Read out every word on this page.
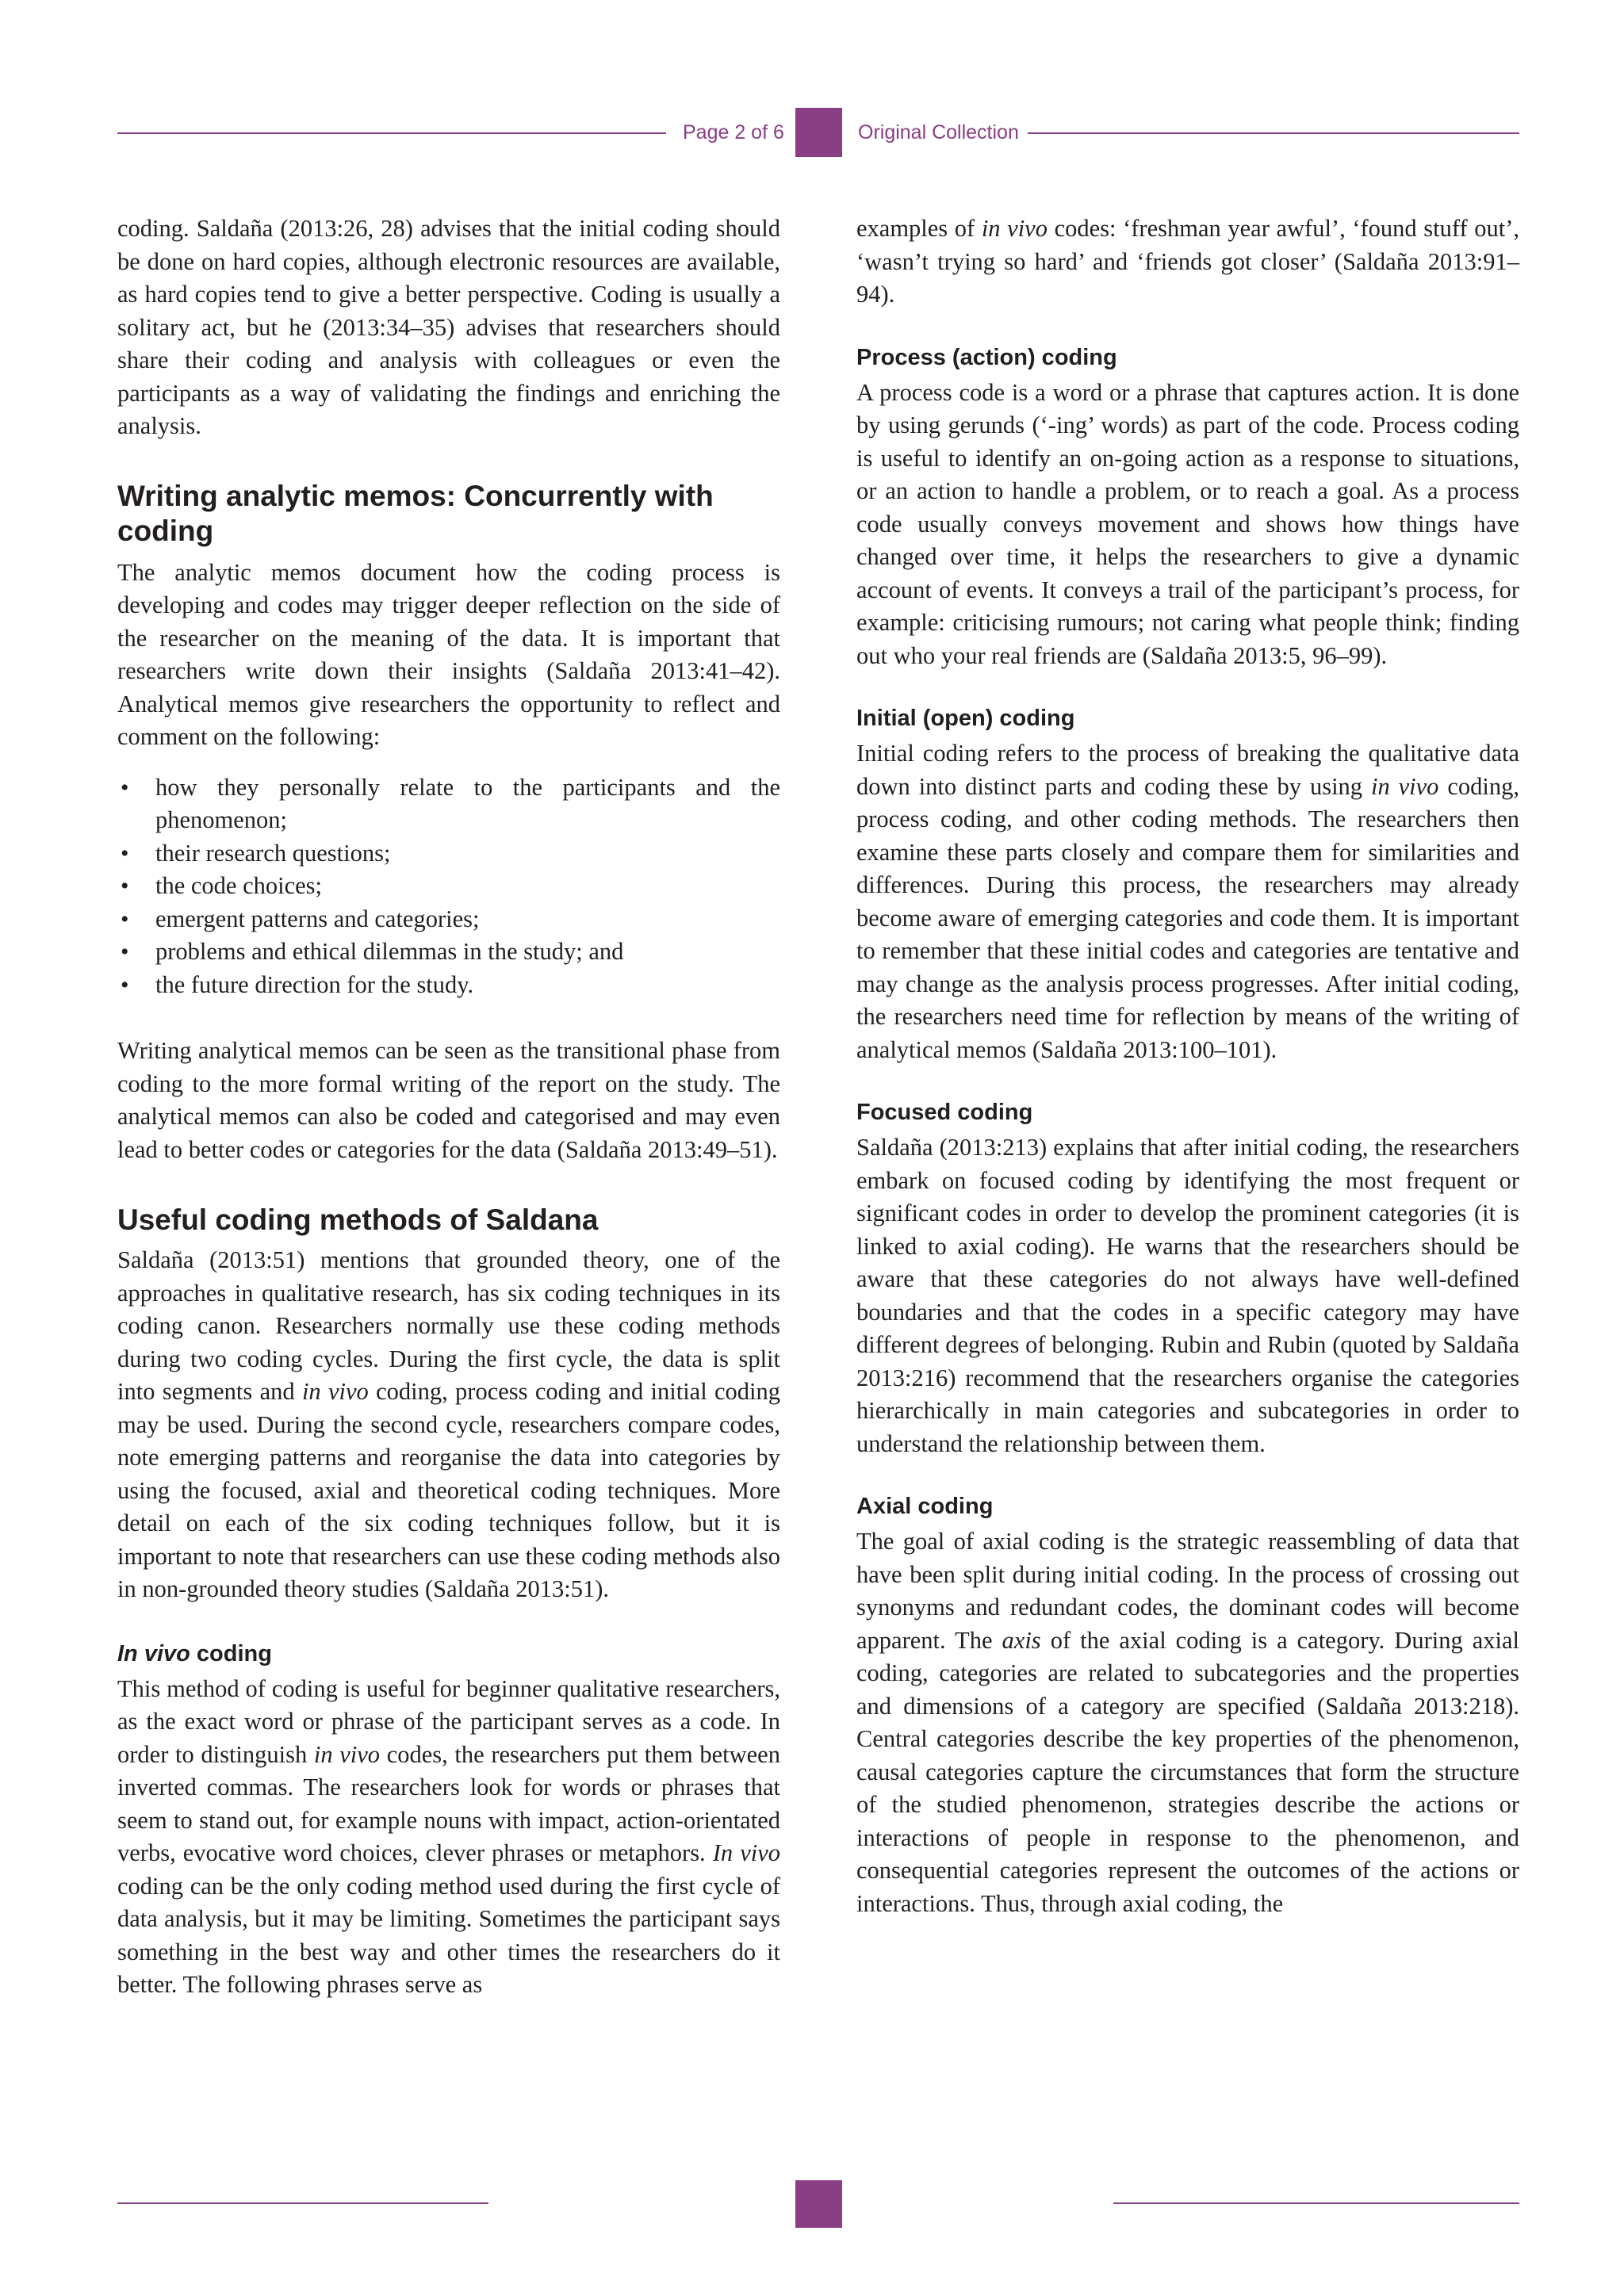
Page 2 of 6	Original Collection

coding. Saldaña (2013:26, 28) advises that the initial coding should be done on hard copies, although electronic resources are available, as hard copies tend to give a better perspective. Coding is usually a solitary act, but he (2013:34–35) advises that researchers should share their coding and analysis with colleagues or even the participants as a way of validating the findings and enriching the analysis.

Writing analytic memos: Concurrently with coding

The analytic memos document how the coding process is developing and codes may trigger deeper reflection on the side of the researcher on the meaning of the data. It is important that researchers write down their insights (Saldaña 2013:41–42). Analytical memos give researchers the opportunity to reflect and comment on the following:

• how they personally relate to the participants and the phenomenon;
• their research questions;
• the code choices;
• emergent patterns and categories;
• problems and ethical dilemmas in the study; and
• the future direction for the study.

Writing analytical memos can be seen as the transitional phase from coding to the more formal writing of the report on the study. The analytical memos can also be coded and categorised and may even lead to better codes or categories for the data (Saldaña 2013:49–51).

Useful coding methods of Saldana

Saldaña (2013:51) mentions that grounded theory, one of the approaches in qualitative research, has six coding techniques in its coding canon. Researchers normally use these coding methods during two coding cycles. During the first cycle, the data is split into segments and in vivo coding, process coding and initial coding may be used. During the second cycle, researchers compare codes, note emerging patterns and reorganise the data into categories by using the focused, axial and theoretical coding techniques. More detail on each of the six coding techniques follow, but it is important to note that researchers can use these coding methods also in non-grounded theory studies (Saldaña 2013:51).

In vivo coding

This method of coding is useful for beginner qualitative researchers, as the exact word or phrase of the participant serves as a code. In order to distinguish in vivo codes, the researchers put them between inverted commas. The researchers look for words or phrases that seem to stand out, for example nouns with impact, action-orientated verbs, evocative word choices, clever phrases or metaphors. In vivo coding can be the only coding method used during the first cycle of data analysis, but it may be limiting. Sometimes the participant says something in the best way and other times the researchers do it better. The following phrases serve as

examples of in vivo codes: ‘freshman year awful’, ‘found stuff out’, ‘wasn’t trying so hard’ and ‘friends got closer’ (Saldaña 2013:91–94).

Process (action) coding

A process code is a word or a phrase that captures action. It is done by using gerunds (‘-ing’ words) as part of the code. Process coding is useful to identify an on-going action as a response to situations, or an action to handle a problem, or to reach a goal. As a process code usually conveys movement and shows how things have changed over time, it helps the researchers to give a dynamic account of events. It conveys a trail of the participant’s process, for example: criticising rumours; not caring what people think; finding out who your real friends are (Saldaña 2013:5, 96–99).

Initial (open) coding

Initial coding refers to the process of breaking the qualitative data down into distinct parts and coding these by using in vivo coding, process coding, and other coding methods. The researchers then examine these parts closely and compare them for similarities and differences. During this process, the researchers may already become aware of emerging categories and code them. It is important to remember that these initial codes and categories are tentative and may change as the analysis process progresses. After initial coding, the researchers need time for reflection by means of the writing of analytical memos (Saldaña 2013:100–101).

Focused coding

Saldaña (2013:213) explains that after initial coding, the researchers embark on focused coding by identifying the most frequent or significant codes in order to develop the prominent categories (it is linked to axial coding). He warns that the researchers should be aware that these categories do not always have well-defined boundaries and that the codes in a specific category may have different degrees of belonging. Rubin and Rubin (quoted by Saldaña 2013:216) recommend that the researchers organise the categories hierarchically in main categories and subcategories in order to understand the relationship between them.

Axial coding

The goal of axial coding is the strategic reassembling of data that have been split during initial coding. In the process of crossing out synonyms and redundant codes, the dominant codes will become apparent. The axis of the axial coding is a category. During axial coding, categories are related to subcategories and the properties and dimensions of a category are specified (Saldaña 2013:218). Central categories describe the key properties of the phenomenon, causal categories capture the circumstances that form the structure of the studied phenomenon, strategies describe the actions or interactions of people in response to the phenomenon, and consequential categories represent the outcomes of the actions or interactions. Thus, through axial coding, the
